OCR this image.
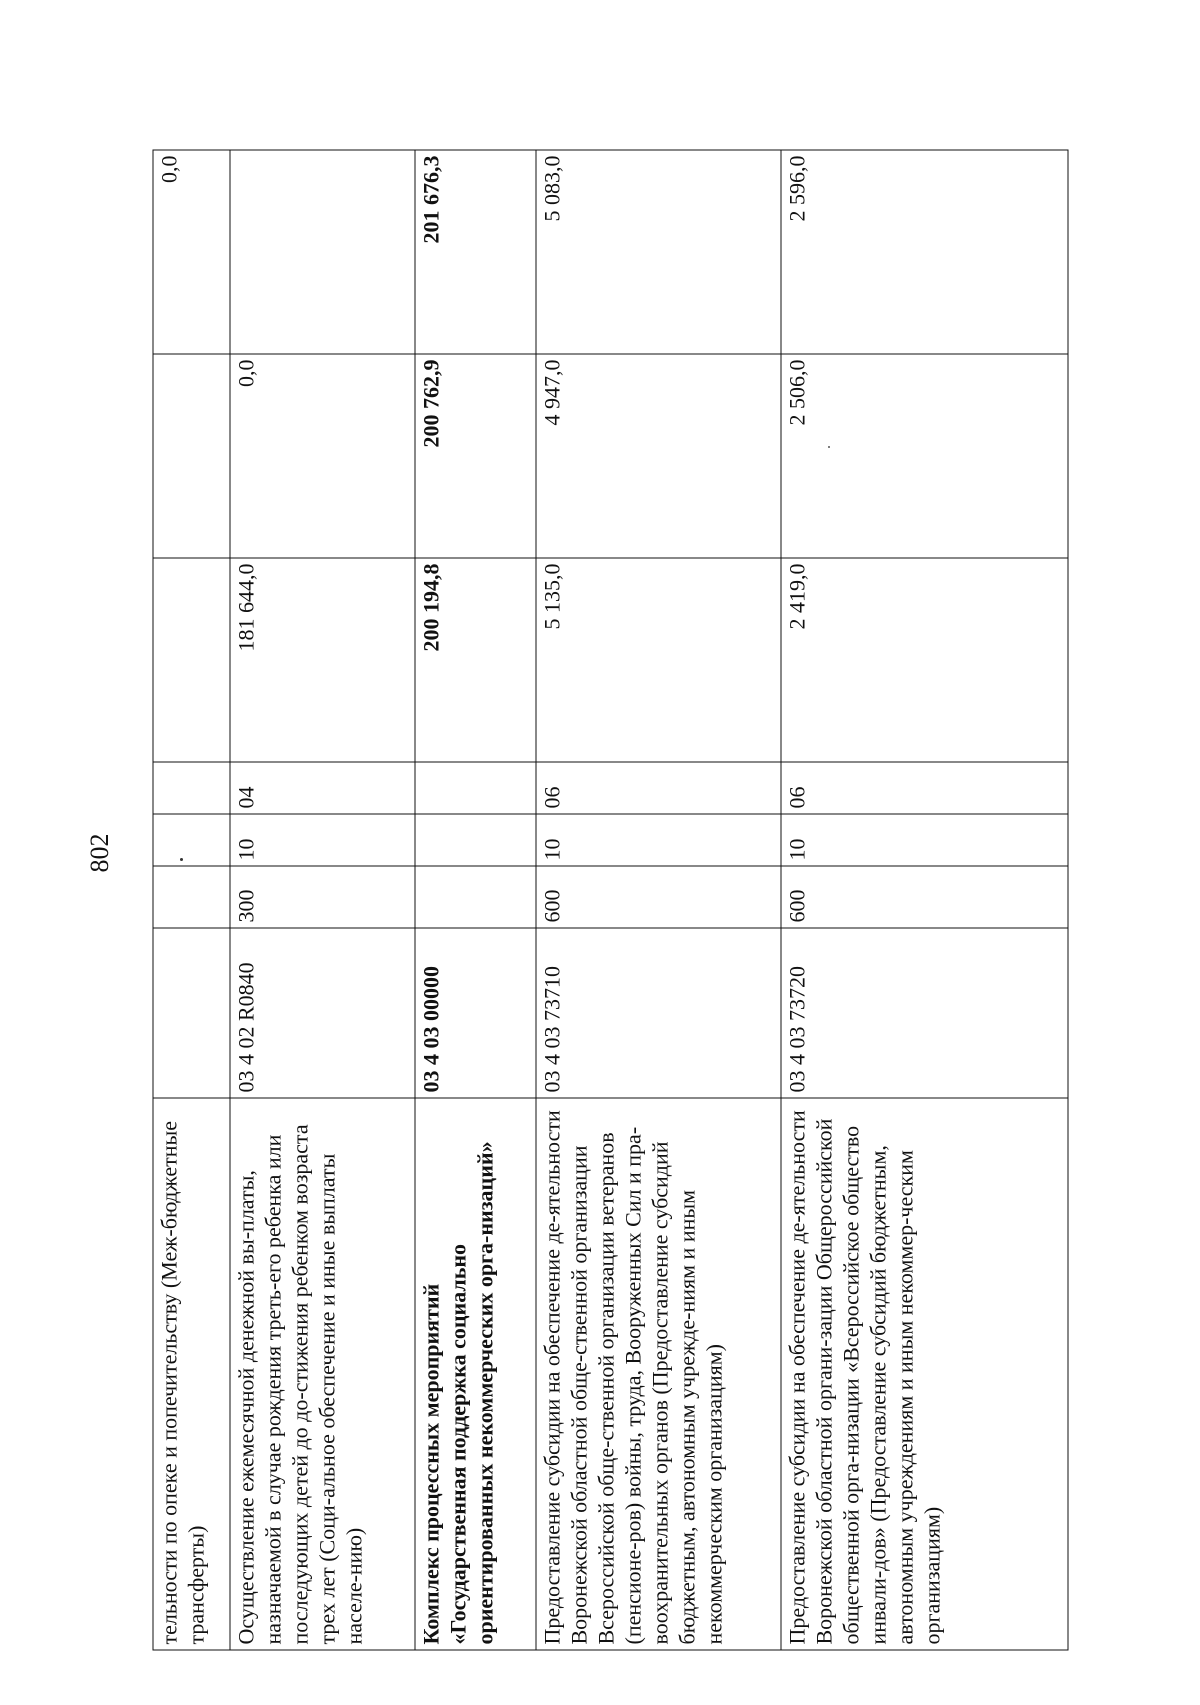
802
тельности по опеке и попечительству (Меж-бюджетные трансферты)							0,0
Осуществление ежемесячной денежной вы-платы, назначаемой в случае рождения треть-его ребенка или последующих детей до до-стижения ребенком возраста трех лет (Соци-альное обеспечение и иные выплаты населе-нию)	03 4 02 R0840	300	10	04	181 644,0	0,0	
Комплекс процессных мероприятий «Государственная поддержка социально ориентированных некоммерческих орга-низаций»	03 4 03 00000				200 194,8	200 762,9	201 676,3
Предоставление субсидии на обеспечение де-ятельности Воронежской областной обще-ственной организации Всероссийской обще-ственной организации ветеранов (пенсионе-ров) войны, труда, Вооруженных Сил и пра-воохранительных органов (Предоставление субсидий бюджетным, автономным учрежде-ниям и иным некоммерческим организациям)	03 4 03 73710	600	10	06	5 135,0	4 947,0	5 083,0
Предоставление субсидии на обеспечение де-ятельности Воронежской областной органи-зации Общероссийской общественной орга-низации «Всероссийское общество инвали-дов» (Предоставление субсидий бюджетным, автономным учреждениям и иным некоммер-ческим организациям)	03 4 03 73720	600	10	06	2 419,0	2 506,0	2 596,0
